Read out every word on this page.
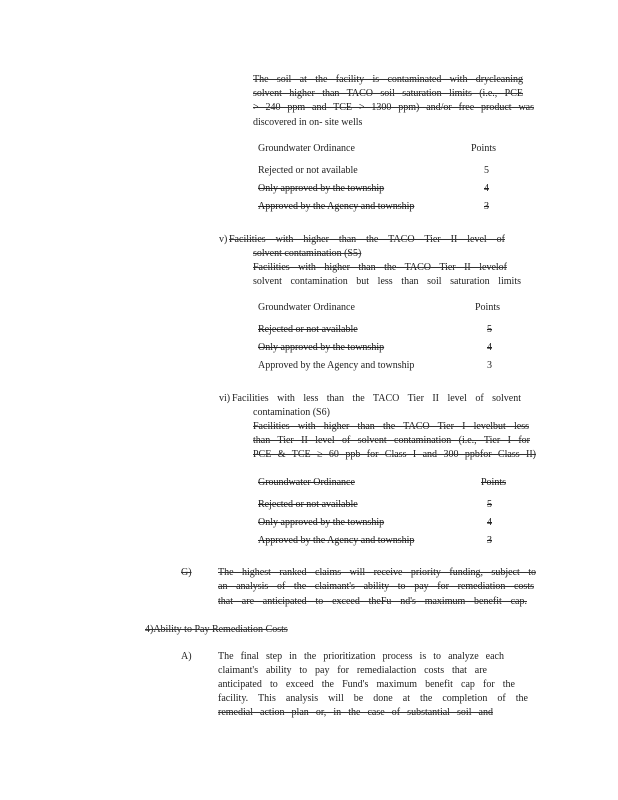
The soil at the facility is contaminated with drycleaning
solvent higher than TACO soil saturation limits (i.e., PCE
> 240 ppm and TCE > 1300 ppm) and/or free product was
discovered in on- site wells
Groundwater Ordinance	Points
Rejected or not available	5
Only approved by the township	4
Approved by the Agency and township	3
v) Facilities with higher than the TACO Tier II level of
solvent contamination (S5)
Facilities with higher than the TACO Tier II levelof
solvent contamination but less than soil saturation limits
Groundwater Ordinance	Points
Rejected or not available	5
Only approved by the township	4
Approved by the Agency and township	3
vi) Facilities with less than the TACO Tier II level of solvent
contamination (S6)
Facilities with higher than the TACO Tier I levelbut less
than Tier II level of solvent contamination (i.e., Tier I for
PCE & TCE ≥ 60 ppb for Class I and 300 ppbfor Class II)
Groundwater Ordinance	Points
Rejected or not available	5
Only approved by the township	4
Approved by the Agency and township	3
G)	The highest ranked claims will receive priority funding, subject to
an analysis of the claimant's ability to pay for remediation costs
that are anticipated to exceed theFu nd's maximum benefit cap.
4)Ability to Pay Remediation Costs
A)	The final step in the prioritization process is to analyze each
claimant's ability to pay for remedialaction costs that are
anticipated to exceed the Fund's maximum benefit cap for the
facility. This analysis will be done at the completion of the
remedial action plan or, in the case of substantial soil and
